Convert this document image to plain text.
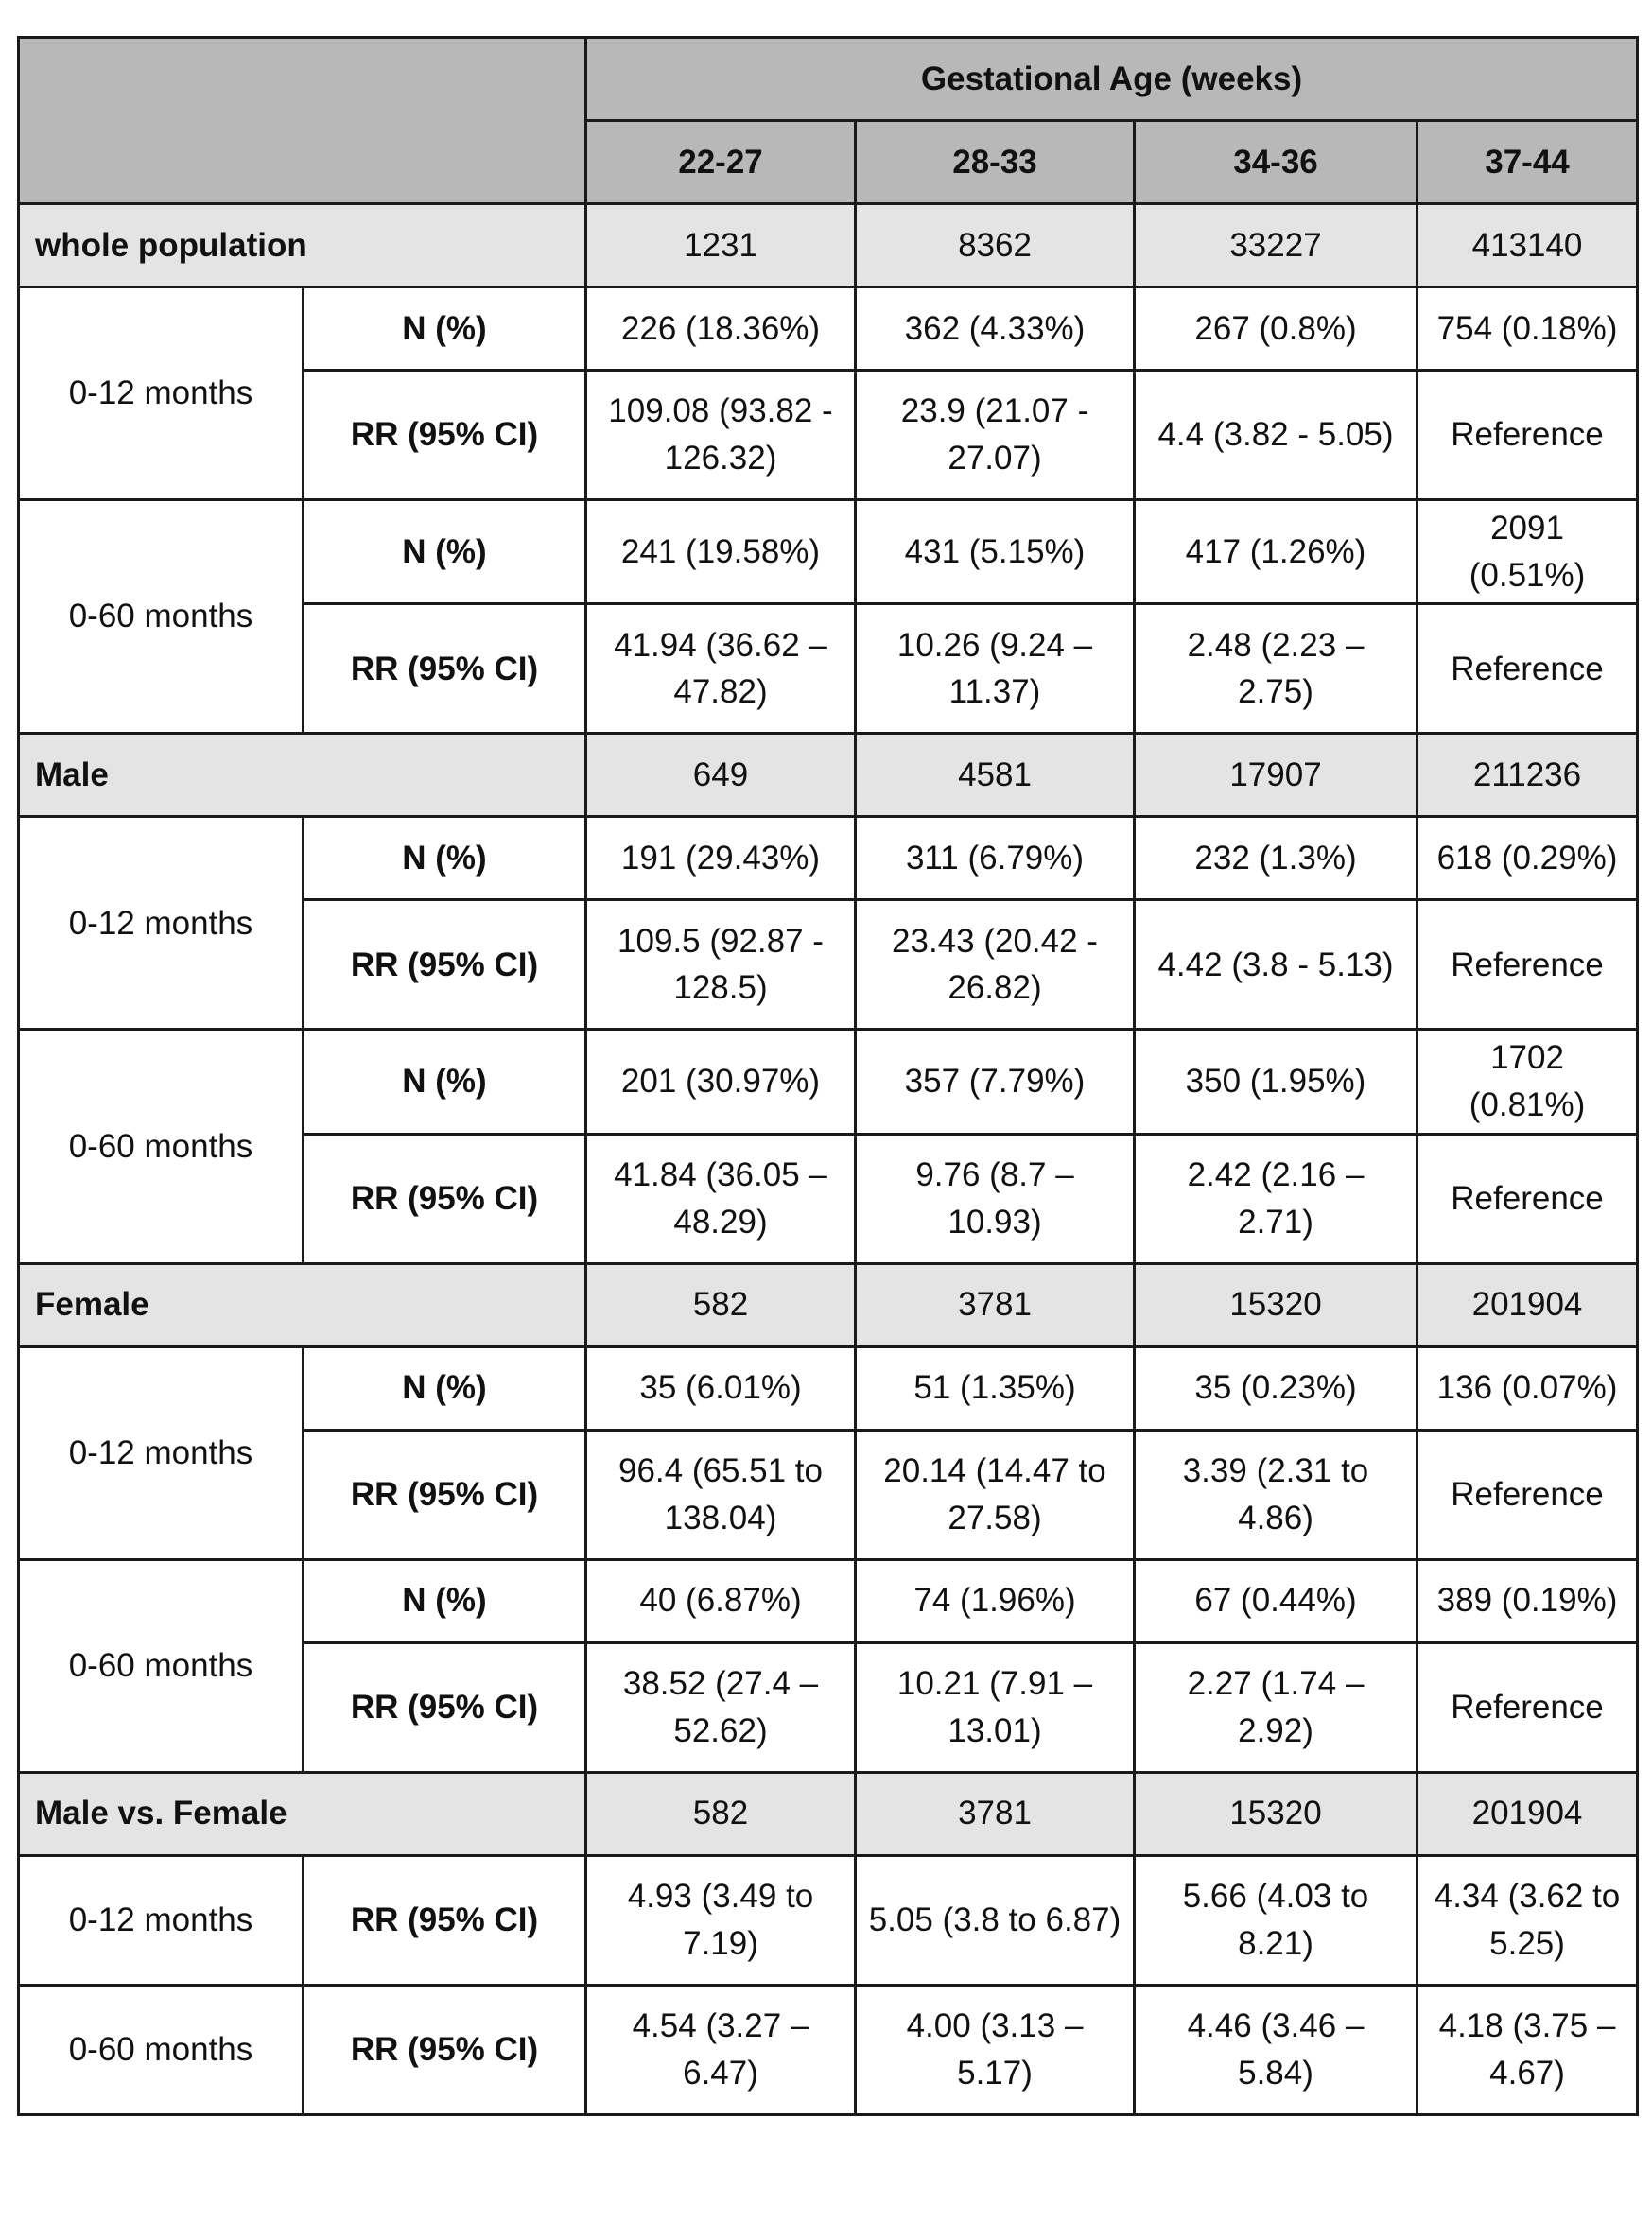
		Gestational Age (weeks)			
		22-27	28-33	34-36	37-44
whole population		1231	8362	33227	413140
0-12 months	N (%)	226 (18.36%)	362 (4.33%)	267 (0.8%)	754 (0.18%)
	RR (95% CI)	109.08 (93.82 - 126.32)	23.9 (21.07 - 27.07)	4.4 (3.82 - 5.05)	Reference
0-60 months	N (%)	241 (19.58%)	431 (5.15%)	417 (1.26%)	2091 (0.51%)
	RR (95% CI)	41.94 (36.62 – 47.82)	10.26 (9.24 – 11.37)	2.48 (2.23 – 2.75)	Reference
Male		649	4581	17907	211236
0-12 months	N (%)	191 (29.43%)	311 (6.79%)	232 (1.3%)	618 (0.29%)
	RR (95% CI)	109.5 (92.87 - 128.5)	23.43 (20.42 - 26.82)	4.42 (3.8 - 5.13)	Reference
0-60 months	N (%)	201 (30.97%)	357 (7.79%)	350 (1.95%)	1702 (0.81%)
	RR (95% CI)	41.84 (36.05 – 48.29)	9.76 (8.7 – 10.93)	2.42 (2.16 – 2.71)	Reference
Female		582	3781	15320	201904
0-12 months	N (%)	35 (6.01%)	51 (1.35%)	35 (0.23%)	136 (0.07%)
	RR (95% CI)	96.4 (65.51 to 138.04)	20.14 (14.47 to 27.58)	3.39 (2.31 to 4.86)	Reference
0-60 months	N (%)	40 (6.87%)	74 (1.96%)	67 (0.44%)	389 (0.19%)
	RR (95% CI)	38.52 (27.4 – 52.62)	10.21 (7.91 – 13.01)	2.27 (1.74 – 2.92)	Reference
Male vs. Female		582	3781	15320	201904
0-12 months	RR (95% CI)	4.93 (3.49 to 7.19)	5.05 (3.8 to 6.87)	5.66 (4.03 to 8.21)	4.34 (3.62 to 5.25)
0-60 months	RR (95% CI)	4.54 (3.27 – 6.47)	4.00 (3.13 – 5.17)	4.46 (3.46 – 5.84)	4.18 (3.75 – 4.67)
